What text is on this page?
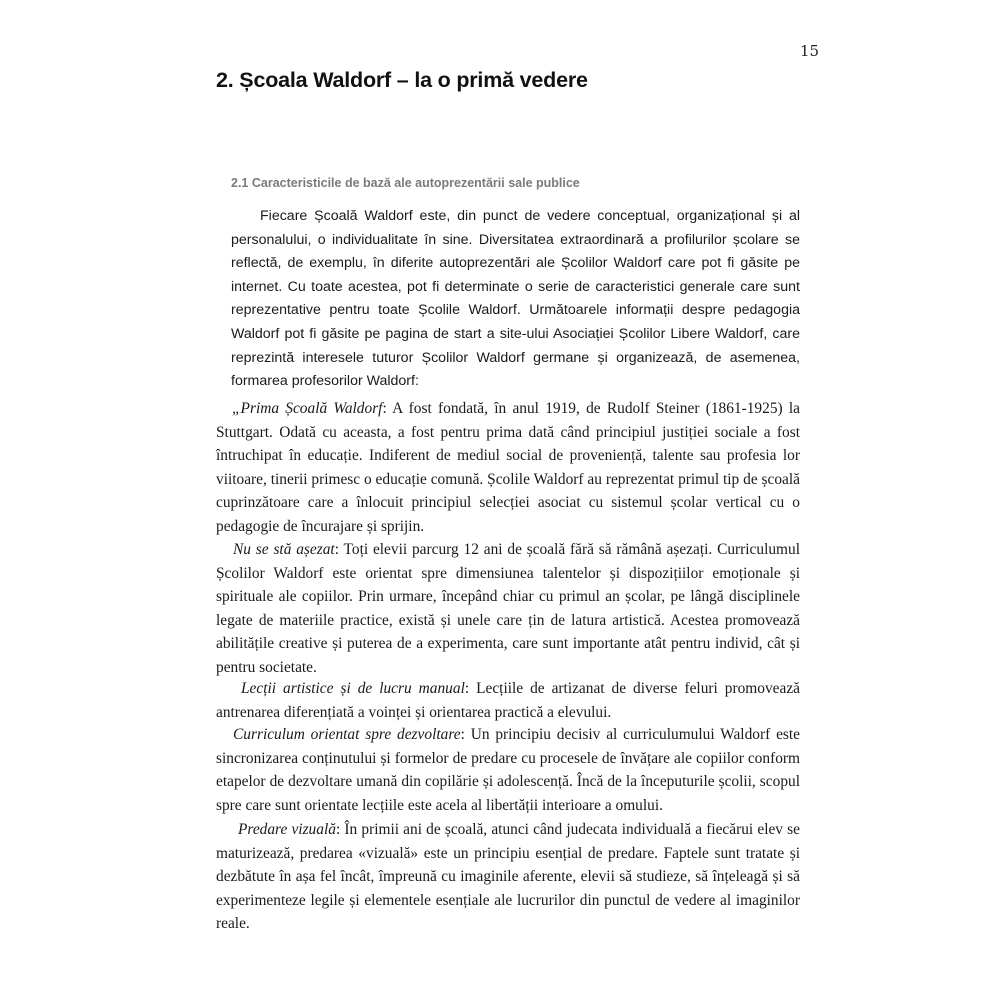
15
2. Școala Waldorf – la o primă vedere
2.1 Caracteristicile de bază ale autoprezentării sale publice

Fiecare Școală Waldorf este, din punct de vedere conceptual, organizațional și al personalului, o individualitate în sine. Diversitatea extraordinară a profilurilor școlare se reflectă, de exemplu, în diferite autoprezentări ale Școlilor Waldorf care pot fi găsite pe internet. Cu toate acestea, pot fi determinate o serie de caracteristici generale care sunt reprezentative pentru toate Școlile Waldorf. Următoarele informații despre pedagogia Waldorf pot fi găsite pe pagina de start a site-ului Asociației Școlilor Libere Waldorf, care reprezintă interesele tuturor Școlilor Waldorf germane și organizează, de asemenea, formarea profesorilor Waldorf:

„Prima Școală Waldorf: A fost fondată, în anul 1919, de Rudolf Steiner (1861-1925) la Stuttgart. Odată cu aceasta, a fost pentru prima dată când principiul justiției sociale a fost întruchipat în educație. Indiferent de mediul social de proveniență, talente sau profesia lor viitoare, tinerii primesc o educație comună. Școlile Waldorf au reprezentat primul tip de școală cuprinzătoare care a înlocuit principiul selecției asociat cu sistemul școlar vertical cu o pedagogie de încurajare și sprijin.

Nu se stă așezat: Toți elevii parcurg 12 ani de școală fără să rămână așezați. Curriculumul Școlilor Waldorf este orientat spre dimensiunea talentelor și dispozițiilor emoționale și spirituale ale copiilor. Prin urmare, începând chiar cu primul an școlar, pe lângă disciplinele legate de materiile practice, există și unele care țin de latura artistică. Acestea promovează abilitățile creative și puterea de a experimenta, care sunt importante atât pentru individ, cât și pentru societate.

Lecții artistice și de lucru manual: Lecțiile de artizanat de diverse feluri promovează antrenarea diferențiată a voinței și orientarea practică a elevului.

Curriculum orientat spre dezvoltare: Un principiu decisiv al curriculumului Waldorf este sincronizarea conținutului și formelor de predare cu procesele de învățare ale copiilor conform etapelor de dezvoltare umană din copilărie și adolescență. Încă de la începuturile școlii, scopul spre care sunt orientate lecțiile este acela al libertății interioare a omului.

Predare vizuală: În primii ani de școală, atunci când judecata individuală a fiecărui elev se maturizează, predarea «vizuală» este un principiu esențial de predare. Faptele sunt tratate și dezbătute în așa fel încât, împreună cu imaginile aferente, elevii să studieze, să înțeleagă și să experimenteze legile și elementele esențiale ale lucrurilor din punctul de vedere al imaginilor reale.
